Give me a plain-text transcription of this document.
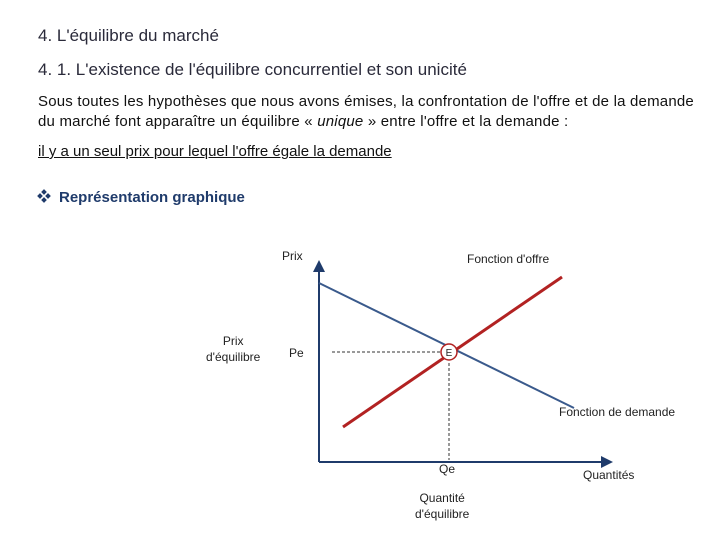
4. L'équilibre du marché
4. 1. L'existence de l'équilibre concurrentiel et son unicité
Sous toutes les hypothèses que nous avons émises, la confrontation de l'offre et de la demande du marché font apparaître un équilibre « unique » entre l'offre et la demande :
il y a un seul prix pour lequel l'offre égale la demande
Représentation graphique
E
Prix	Fonction d'offre
Prix
d'équilibre Pe
Fonction de demande
Qe	Quantités
Quantité
d'équilibre
